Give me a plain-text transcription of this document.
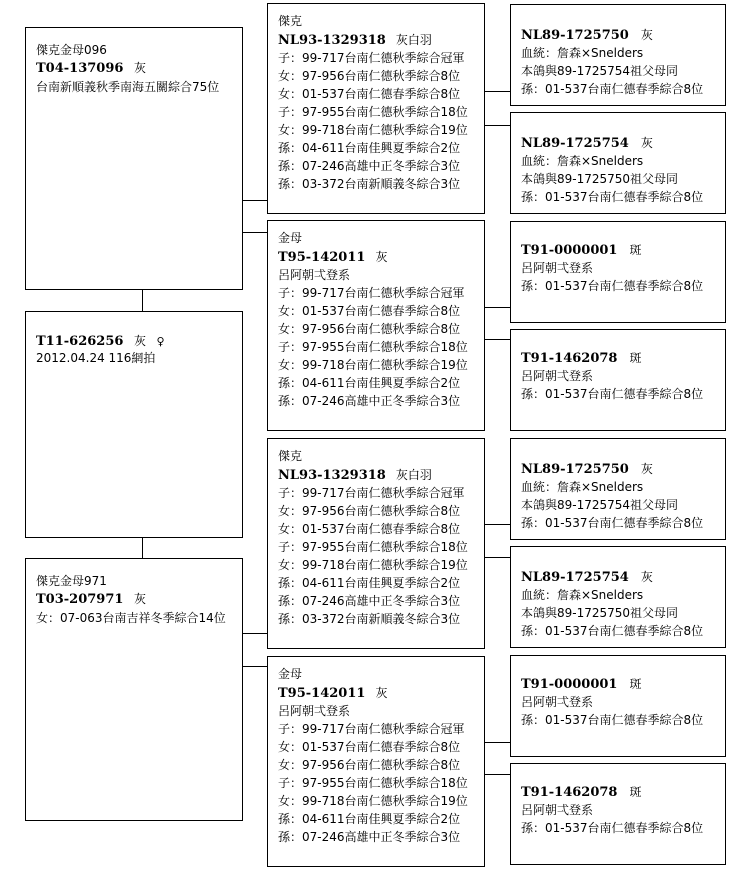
傑克金母096
T04-137096 灰
台南新順義秋季南海五關綜合75位
T11-626256 灰 ♀
2012.04.24 116網拍
傑克金母971
T03-207971 灰
女：07-063台南吉祥冬季綜合14位
傑克
NL93-1329318 灰白羽
子：99-717台南仁德秋季綜合冠軍
女：97-956台南仁德秋季綜合8位
女：01-537台南仁德春季綜合8位
子：97-955台南仁德秋季綜合18位
女：99-718台南仁德秋季綜合19位
孫：04-611台南佳興夏季綜合2位
孫：07-246高雄中正冬季綜合3位
孫：03-372台南新順義冬綜合3位
金母
T95-142011 灰
呂阿朝弌登系
子：99-717台南仁德秋季綜合冠軍
女：01-537台南仁德春季綜合8位
女：97-956台南仁德秋季綜合8位
子：97-955台南仁德秋季綜合18位
女：99-718台南仁德秋季綜合19位
孫：04-611台南佳興夏季綜合2位
孫：07-246高雄中正冬季綜合3位
傑克
NL93-1329318 灰白羽
子：99-717台南仁德秋季綜合冠軍
女：97-956台南仁德秋季綜合8位
女：01-537台南仁德春季綜合8位
子：97-955台南仁德秋季綜合18位
女：99-718台南仁德秋季綜合19位
孫：04-611台南佳興夏季綜合2位
孫：07-246高雄中正冬季綜合3位
孫：03-372台南新順義冬綜合3位
金母
T95-142011 灰
呂阿朝弌登系
子：99-717台南仁德秋季綜合冠軍
女：01-537台南仁德春季綜合8位
女：97-956台南仁德秋季綜合8位
子：97-955台南仁德秋季綜合18位
女：99-718台南仁德秋季綜合19位
孫：04-611台南佳興夏季綜合2位
孫：07-246高雄中正冬季綜合3位
NL89-1725750 灰
血統：詹森×Snelders
本鴿與89-1725754祖父母同
孫：01-537台南仁德春季綜合8位
NL89-1725754 灰
血統：詹森×Snelders
本鴿與89-1725750祖父母同
孫：01-537台南仁德春季綜合8位
T91-0000001 斑
呂阿朝弌登系
孫：01-537台南仁德春季綜合8位
T91-1462078 斑
呂阿朝弌登系
孫：01-537台南仁德春季綜合8位
NL89-1725750 灰
血統：詹森×Snelders
本鴿與89-1725754祖父母同
孫：01-537台南仁德春季綜合8位
NL89-1725754 灰
血統：詹森×Snelders
本鴿與89-1725750祖父母同
孫：01-537台南仁德春季綜合8位
T91-0000001 斑
呂阿朝弌登系
孫：01-537台南仁德春季綜合8位
T91-1462078 斑
呂阿朝弌登系
孫：01-537台南仁德春季綜合8位
